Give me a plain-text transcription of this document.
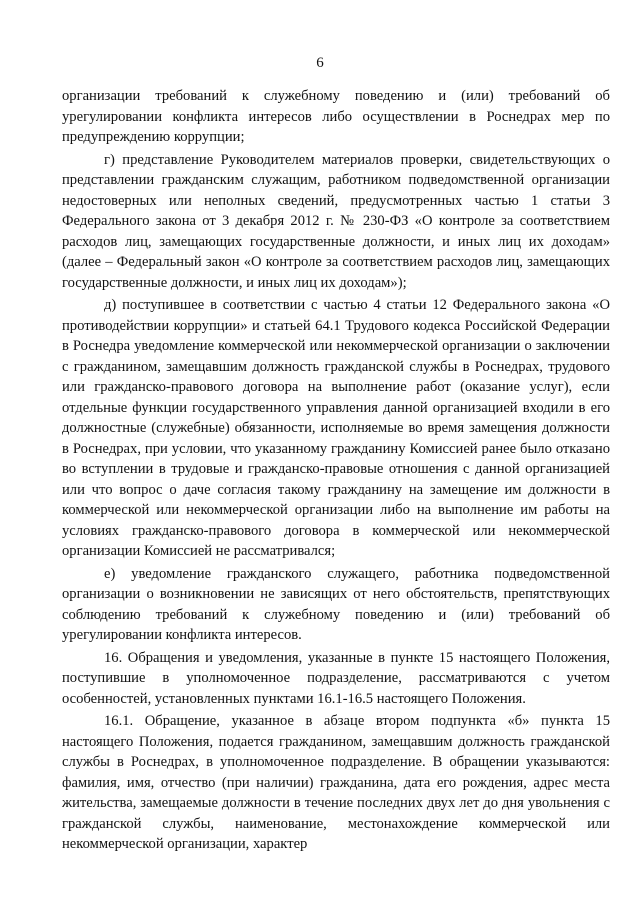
6

организации требований к служебному поведению и (или) требований об урегулировании конфликта интересов либо осуществлении в Роснедрах мер по предупреждению коррупции;

г) представление Руководителем материалов проверки, свидетельствующих о представлении гражданским служащим, работником подведомственной организации недостоверных или неполных сведений, предусмотренных частью 1 статьи 3 Федерального закона от 3 декабря 2012 г. № 230-ФЗ «О контроле за соответствием расходов лиц, замещающих государственные должности, и иных лиц их доходам» (далее – Федеральный закон «О контроле за соответствием расходов лиц, замещающих государственные должности, и иных лиц их доходам»);

д) поступившее в соответствии с частью 4 статьи 12 Федерального закона «О противодействии коррупции» и статьей 64.1 Трудового кодекса Российской Федерации в Роснедра уведомление коммерческой или некоммерческой организации о заключении с гражданином, замещавшим должность гражданской службы в Роснедрах, трудового или гражданско-правового договора на выполнение работ (оказание услуг), если отдельные функции государственного управления данной организацией входили в его должностные (служебные) обязанности, исполняемые во время замещения должности в Роснедрах, при условии, что указанному гражданину Комиссией ранее было отказано во вступлении в трудовые и гражданско-правовые отношения с данной организацией или что вопрос о даче согласия такому гражданину на замещение им должности в коммерческой или некоммерческой организации либо на выполнение им работы на условиях гражданско-правового договора в коммерческой или некоммерческой организации Комиссией не рассматривался;

е) уведомление гражданского служащего, работника подведомственной организации о возникновении не зависящих от него обстоятельств, препятствующих соблюдению требований к служебному поведению и (или) требований об урегулировании конфликта интересов.

16. Обращения и уведомления, указанные в пункте 15 настоящего Положения, поступившие в уполномоченное подразделение, рассматриваются с учетом особенностей, установленных пунктами 16.1-16.5 настоящего Положения.

16.1. Обращение, указанное в абзаце втором подпункта «б» пункта 15 настоящего Положения, подается гражданином, замещавшим должность гражданской службы в Роснедрах, в уполномоченное подразделение. В обращении указываются: фамилия, имя, отчество (при наличии) гражданина, дата его рождения, адрес места жительства, замещаемые должности в течение последних двух лет до дня увольнения с гражданской службы, наименование, местонахождение коммерческой или некоммерческой организации, характер
